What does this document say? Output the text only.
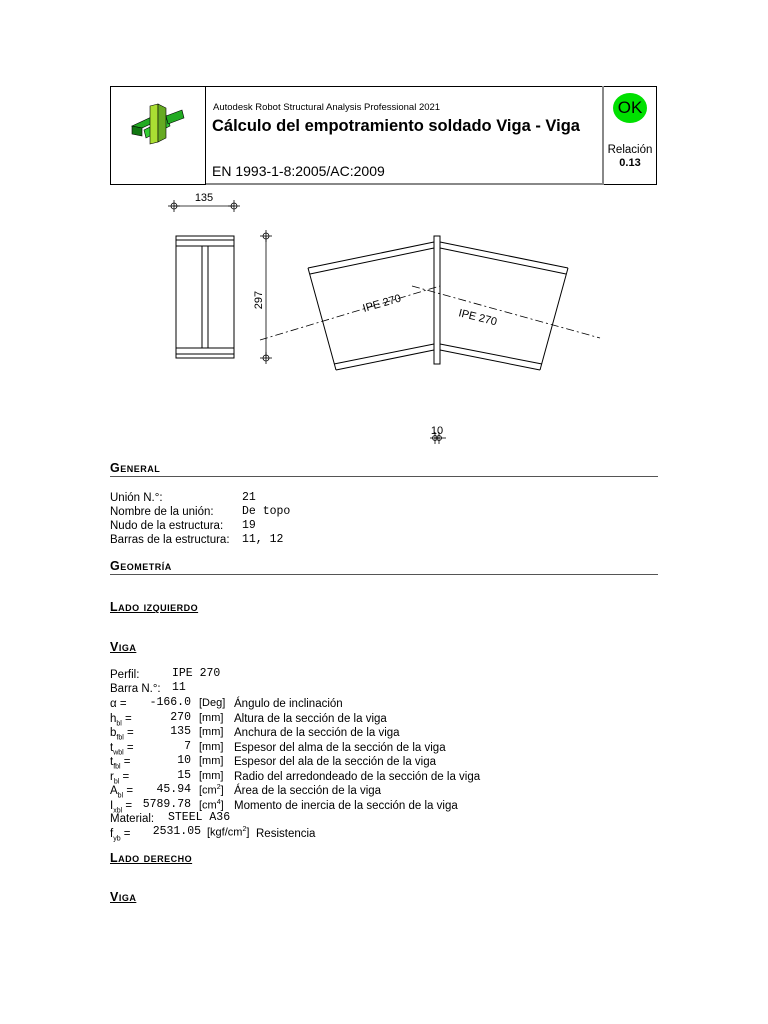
Autodesk Robot Structural Analysis Professional 2021
Cálculo del empotramiento soldado Viga - Viga
EN 1993-1-8:2005/AC:2009
OK
Relación
0.13
135
297	IPE 270
IPE 270
10
General
Unión N.°:	21
Nombre de la unión: De topo
Nudo de la estructura: 19
Barras de la estructura: 11, 12
Geometría
Lado izquierdo
Viga
Perfil:	IPE 270
Barra N.°: 11
α =	-166.0 [Deg] Ángulo de inclinación
$h_{bl}$ =	270 [mm] Altura de la sección de la viga
$b_{fbl}$ =	135 [mm] Anchura de la sección de la viga
$t_{wbl}$ =	7 [mm] Espesor del alma de la sección de la viga
$t_{fbl}$ =	10 [mm] Espesor del ala de la sección de la viga
$r_{bl}$ =	15 [mm] Radio del arredondeado de la sección de la viga
$A_{bl}$ =	45.94 $[cm^2]$ Área de la sección de la viga
$I_{xbl} = 5789.78$ $[cm^4]$ Momento de inercia de la sección de la viga
Material: STEEL A36
$f_{yb}$ =	2531.05 $[kgf/cm^2]$ Resistencia
Lado derecho
Viga
